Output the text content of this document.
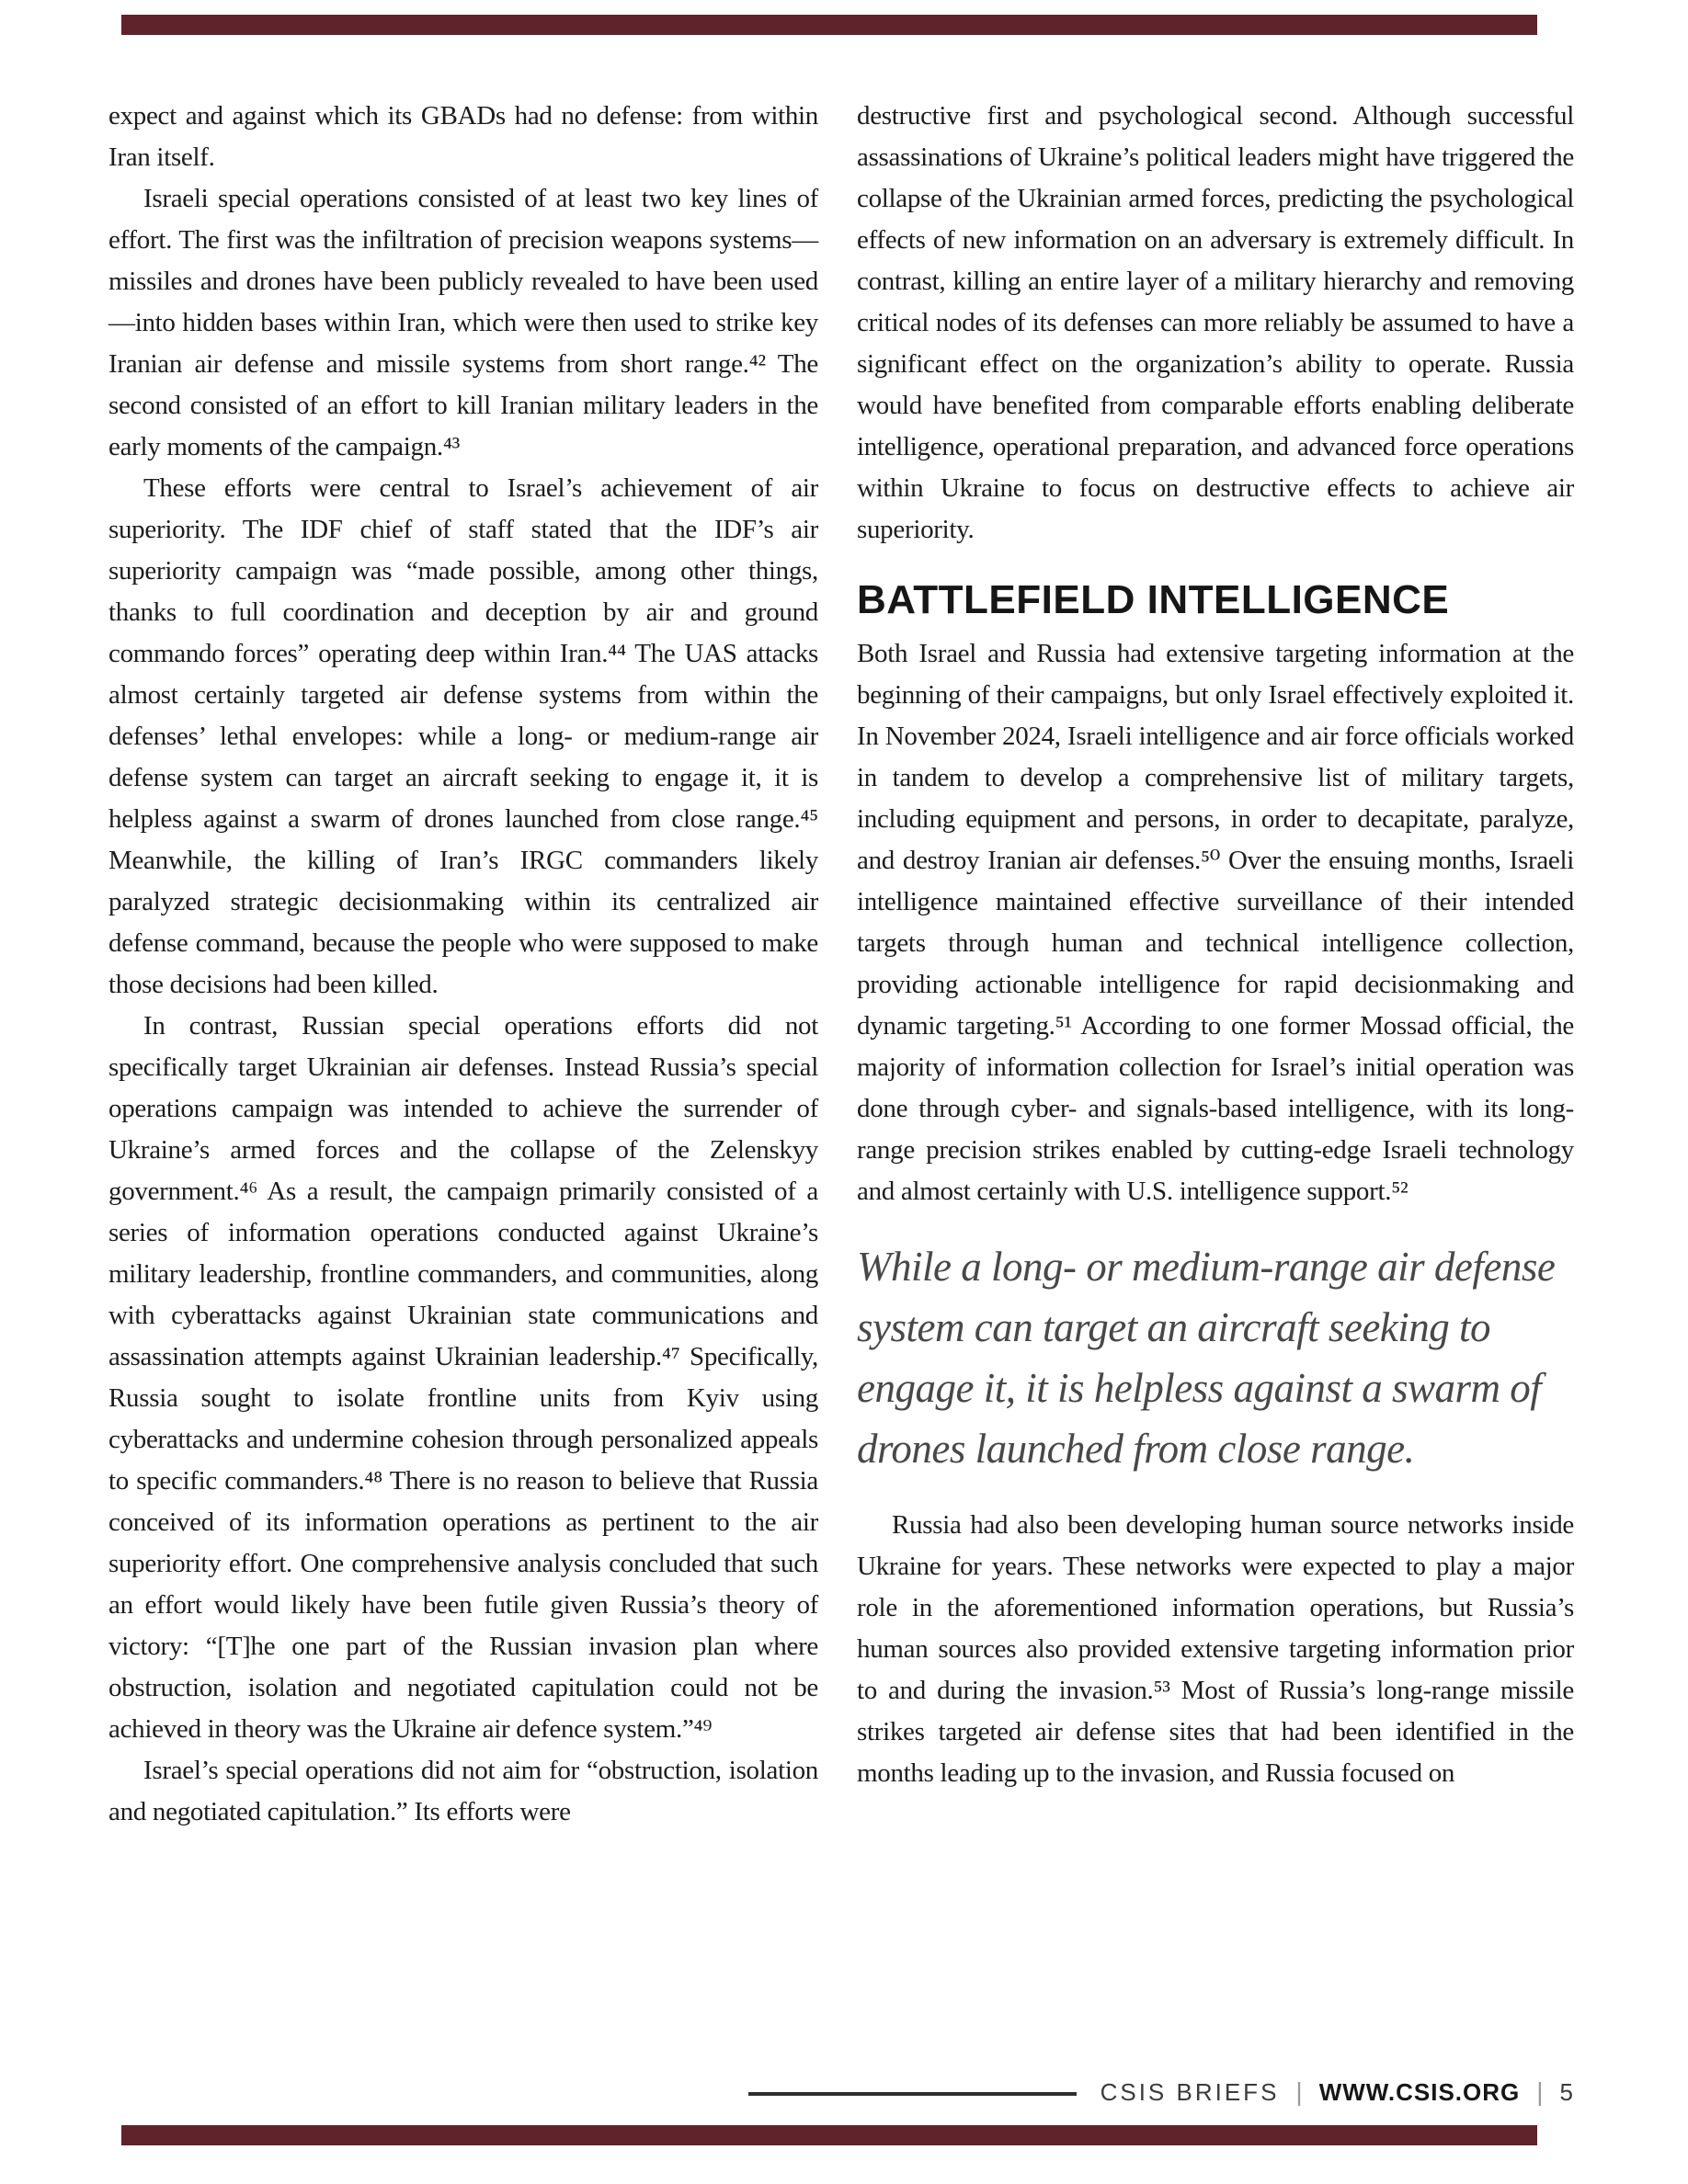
expect and against which its GBADs had no defense: from within Iran itself.

Israeli special operations consisted of at least two key lines of effort. The first was the infiltration of precision weapons systems—missiles and drones have been publicly revealed to have been used—into hidden bases within Iran, which were then used to strike key Iranian air defense and missile systems from short range.⁴² The second consisted of an effort to kill Iranian military leaders in the early moments of the campaign.⁴³

These efforts were central to Israel’s achievement of air superiority. The IDF chief of staff stated that the IDF’s air superiority campaign was “made possible, among other things, thanks to full coordination and deception by air and ground commando forces” operating deep within Iran.⁴⁴ The UAS attacks almost certainly targeted air defense systems from within the defenses’ lethal envelopes: while a long- or medium-range air defense system can target an aircraft seeking to engage it, it is helpless against a swarm of drones launched from close range.⁴⁵ Meanwhile, the killing of Iran’s IRGC commanders likely paralyzed strategic decisionmaking within its centralized air defense command, because the people who were supposed to make those decisions had been killed.

In contrast, Russian special operations efforts did not specifically target Ukrainian air defenses. Instead Russia’s special operations campaign was intended to achieve the surrender of Ukraine’s armed forces and the collapse of the Zelenskyy government.⁴⁶ As a result, the campaign primarily consisted of a series of information operations conducted against Ukraine’s military leadership, frontline commanders, and communities, along with cyberattacks against Ukrainian state communications and assassination attempts against Ukrainian leadership.⁴⁷ Specifically, Russia sought to isolate frontline units from Kyiv using cyberattacks and undermine cohesion through personalized appeals to specific commanders.⁴⁸ There is no reason to believe that Russia conceived of its information operations as pertinent to the air superiority effort. One comprehensive analysis concluded that such an effort would likely have been futile given Russia’s theory of victory: “[T]he one part of the Russian invasion plan where obstruction, isolation and negotiated capitulation could not be achieved in theory was the Ukraine air defence system.”⁴⁹

Israel’s special operations did not aim for “obstruction, isolation and negotiated capitulation.” Its efforts were

destructive first and psychological second. Although successful assassinations of Ukraine’s political leaders might have triggered the collapse of the Ukrainian armed forces, predicting the psychological effects of new information on an adversary is extremely difficult. In contrast, killing an entire layer of a military hierarchy and removing critical nodes of its defenses can more reliably be assumed to have a significant effect on the organization’s ability to operate. Russia would have benefited from comparable efforts enabling deliberate intelligence, operational preparation, and advanced force operations within Ukraine to focus on destructive effects to achieve air superiority.

BATTLEFIELD INTELLIGENCE

Both Israel and Russia had extensive targeting information at the beginning of their campaigns, but only Israel effectively exploited it. In November 2024, Israeli intelligence and air force officials worked in tandem to develop a comprehensive list of military targets, including equipment and persons, in order to decapitate, paralyze, and destroy Iranian air defenses.⁵⁰ Over the ensuing months, Israeli intelligence maintained effective surveillance of their intended targets through human and technical intelligence collection, providing actionable intelligence for rapid decisionmaking and dynamic targeting.⁵¹ According to one former Mossad official, the majority of information collection for Israel’s initial operation was done through cyber- and signals-based intelligence, with its long-range precision strikes enabled by cutting-edge Israeli technology and almost certainly with U.S. intelligence support.⁵²

While a long- or medium-range air defense system can target an aircraft seeking to engage it, it is helpless against a swarm of drones launched from close range.

Russia had also been developing human source networks inside Ukraine for years. These networks were expected to play a major role in the aforementioned information operations, but Russia’s human sources also provided extensive targeting information prior to and during the invasion.⁵³ Most of Russia’s long-range missile strikes targeted air defense sites that had been identified in the months leading up to the invasion, and Russia focused on

CSIS BRIEFS | WWW.CSIS.ORG | 5
